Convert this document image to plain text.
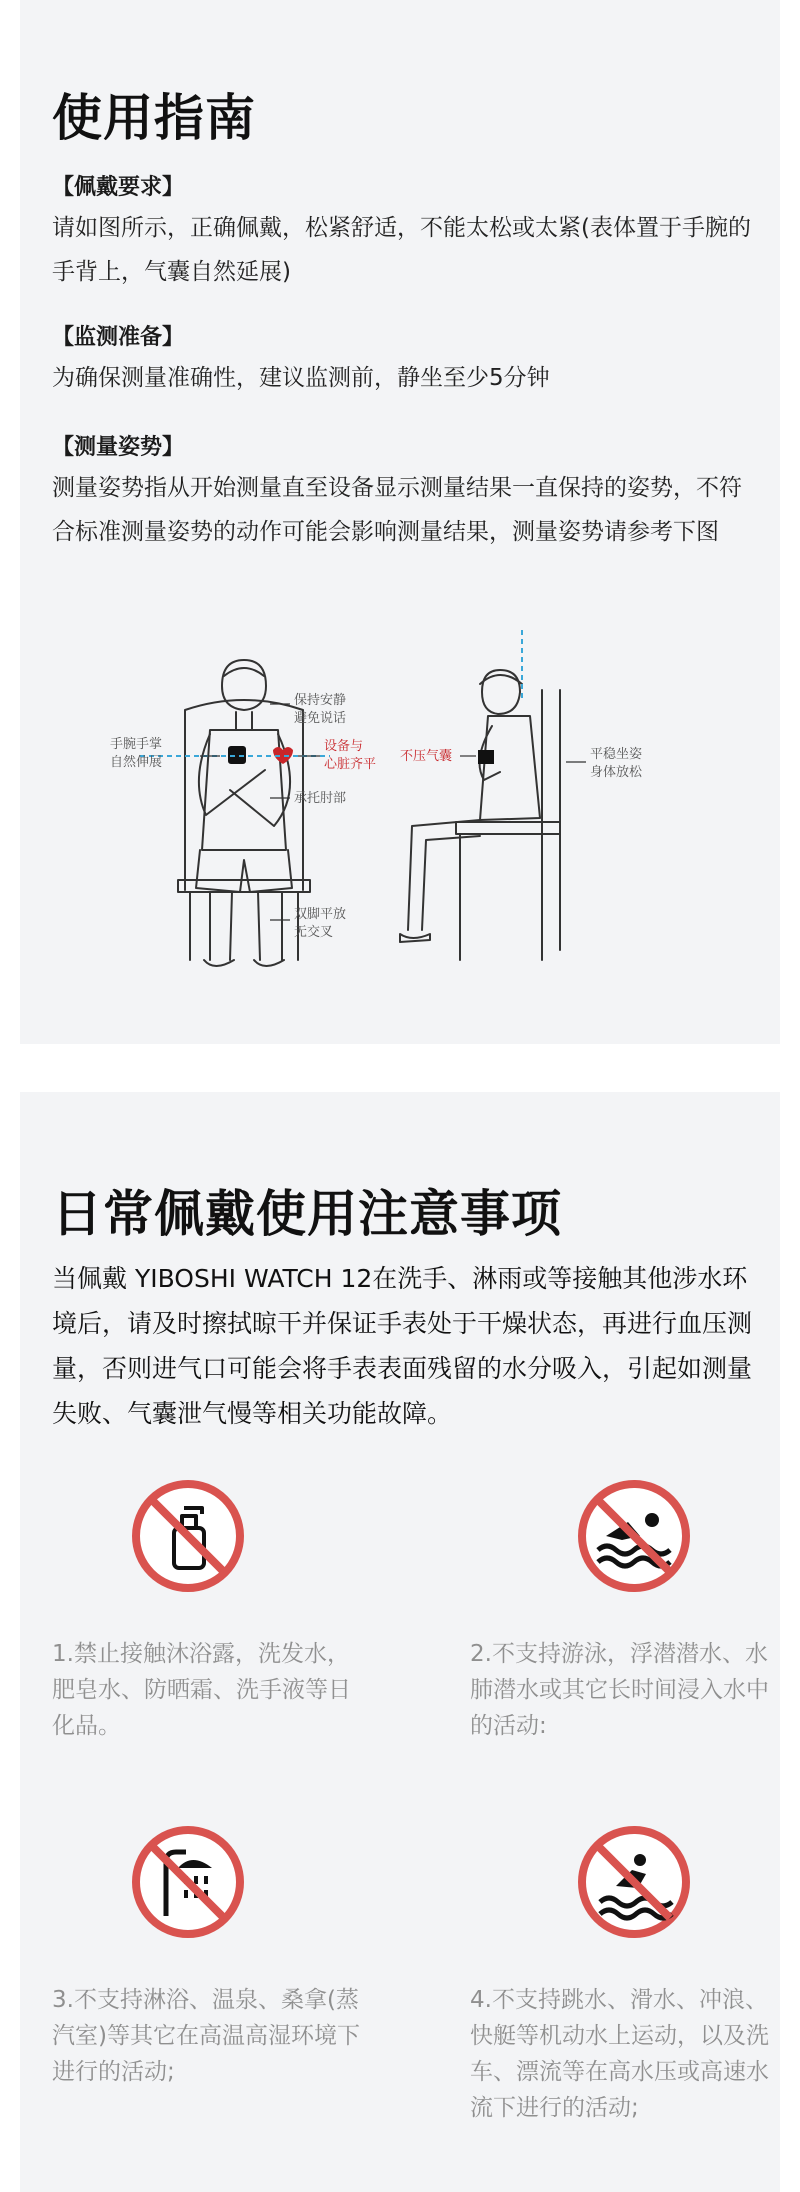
使用指南
【佩戴要求】
请如图所示，正确佩戴，松紧舒适，不能太松或太紧(表体置于手腕的手背上，气囊自然延展)
【监测准备】
为确保测量准确性，建议监测前，静坐至少5分钟
【测量姿势】
测量姿势指从开始测量直至设备显示测量结果一直保持的姿势，不符合标准测量姿势的动作可能会影响测量结果，测量姿势请参考下图
手腕手掌
自然伸展
保持安静
避免说话
设备与
心脏齐平
承托肘部
双脚平放
无交叉
不压气囊	平稳坐姿
身体放松
日常佩戴使用注意事项
当佩戴 YIBOSHI WATCH 12在洗手、淋雨或等接触其他涉水环境后，请及时擦拭晾干并保证手表处于干燥状态，再进行血压测量，否则进气口可能会将手表表面残留的水分吸入，引起如测量失败、气囊泄气慢等相关功能故障。
1.禁止接触沐浴露，洗发水，肥皂水、防晒霜、洗手液等日化品。
2.不支持游泳，浮潜潜水、水肺潜水或其它长时间浸入水中的活动:
3.不支持淋浴、温泉、桑拿(蒸汽室)等其它在高温高湿环境下进行的活动;
4.不支持跳水、滑水、冲浪、快艇等机动水上运动，以及洗车、漂流等在高水压或高速水流下进行的活动;
